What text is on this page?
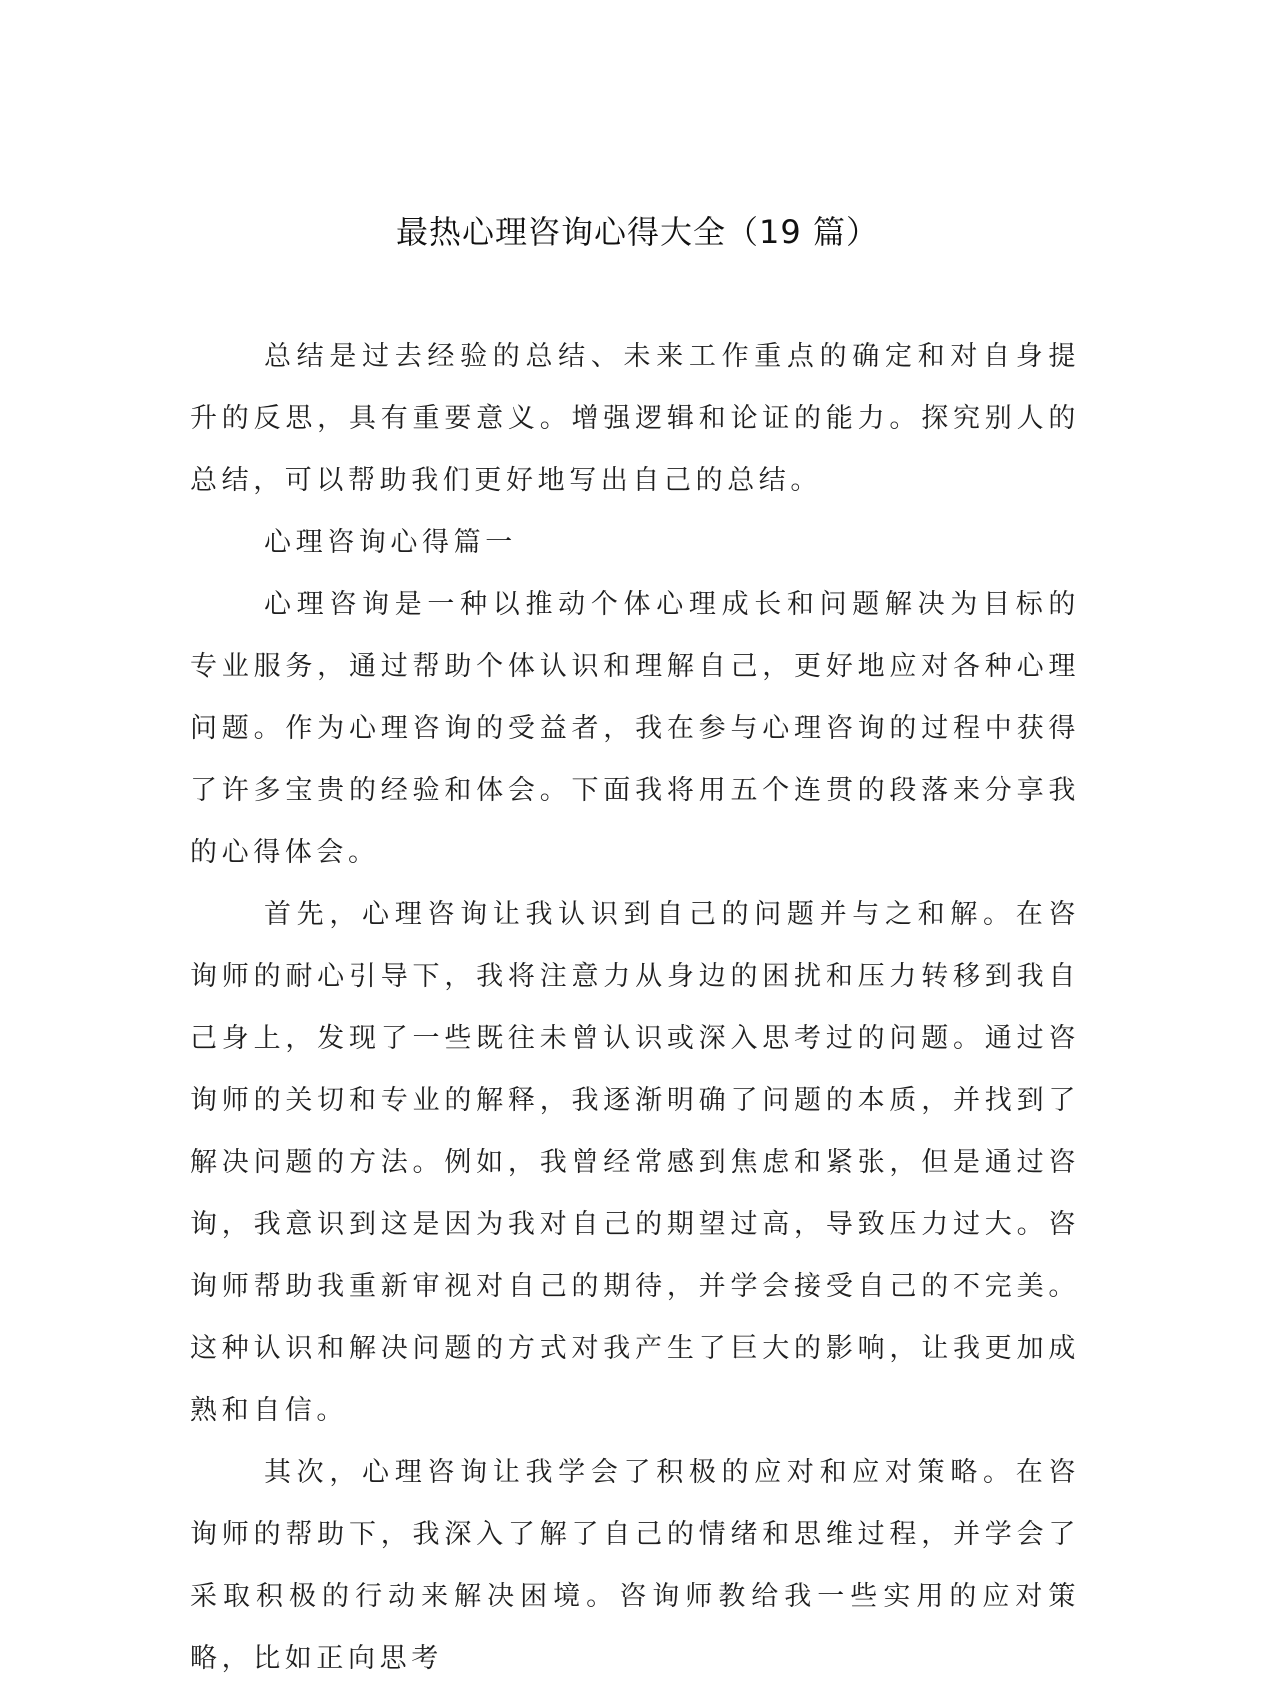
最热心理咨询心得大全（19 篇）

总结是过去经验的总结、未来工作重点的确定和对自身提升的反思，具有重要意义。增强逻辑和论证的能力。探究别人的总结，可以帮助我们更好地写出自己的总结。

心理咨询心得篇一

心理咨询是一种以推动个体心理成长和问题解决为目标的专业服务，通过帮助个体认识和理解自己，更好地应对各种心理问题。作为心理咨询的受益者，我在参与心理咨询的过程中获得了许多宝贵的经验和体会。下面我将用五个连贯的段落来分享我的心得体会。

首先，心理咨询让我认识到自己的问题并与之和解。在咨询师的耐心引导下，我将注意力从身边的困扰和压力转移到我自己身上，发现了一些既往未曾认识或深入思考过的问题。通过咨询师的关切和专业的解释，我逐渐明确了问题的本质，并找到了解决问题的方法。例如，我曾经常感到焦虑和紧张，但是通过咨询，我意识到这是因为我对自己的期望过高，导致压力过大。咨询师帮助我重新审视对自己的期待，并学会接受自己的不完美。这种认识和解决问题的方式对我产生了巨大的影响，让我更加成熟和自信。

其次，心理咨询让我学会了积极的应对和应对策略。在咨询师的帮助下，我深入了解了自己的情绪和思维过程，并学会了采取积极的行动来解决困境。咨询师教给我一些实用的应对策略，比如正向思考
